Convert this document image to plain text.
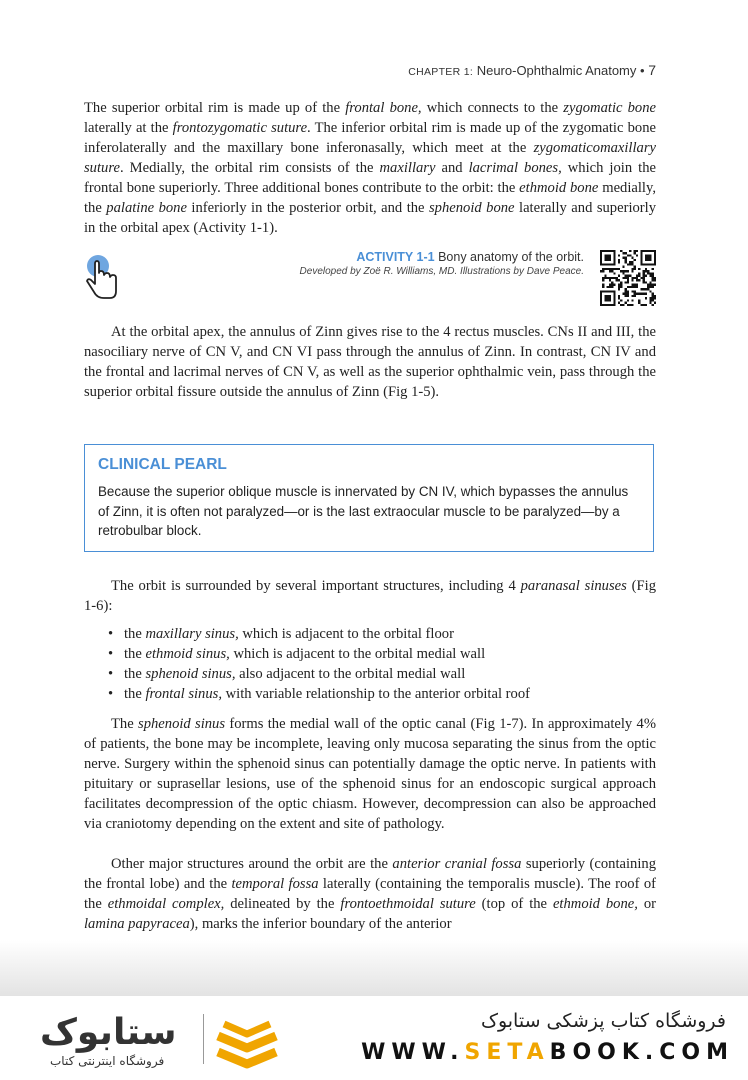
CHAPTER 1: Neuro-Ophthalmic Anatomy • 7

The superior orbital rim is made up of the frontal bone, which connects to the zygomatic bone laterally at the frontozygomatic suture. The inferior orbital rim is made up of the zygomatic bone inferolaterally and the maxillary bone inferonasally, which meet at the zygomaticomaxillary suture. Medially, the orbital rim consists of the maxillary and lacrimal bones, which join the frontal bone superiorly. Three additional bones contribute to the orbit: the ethmoid bone medially, the palatine bone inferiorly in the posterior orbit, and the sphenoid bone laterally and superiorly in the orbital apex (Activity 1-1).

ACTIVITY 1-1 Bony anatomy of the orbit.
Developed by Zoë R. Williams, MD. Illustrations by Dave Peace.

At the orbital apex, the annulus of Zinn gives rise to the 4 rectus muscles. CNs II and III, the nasociliary nerve of CN V, and CN VI pass through the annulus of Zinn. In contrast, CN IV and the frontal and lacrimal nerves of CN V, as well as the superior ophthalmic vein, pass through the superior orbital fissure outside the annulus of Zinn (Fig 1-5).

CLINICAL PEARL
Because the superior oblique muscle is innervated by CN IV, which bypasses the annulus of Zinn, it is often not paralyzed—or is the last extraocular muscle to be paralyzed—by a retrobulbar block.

The orbit is surrounded by several important structures, including 4 paranasal sinuses (Fig 1-6):

• the maxillary sinus, which is adjacent to the orbital floor
• the ethmoid sinus, which is adjacent to the orbital medial wall
• the sphenoid sinus, also adjacent to the orbital medial wall
• the frontal sinus, with variable relationship to the anterior orbital roof

The sphenoid sinus forms the medial wall of the optic canal (Fig 1-7). In approximately 4% of patients, the bone may be incomplete, leaving only mucosa separating the sinus from the optic nerve. Surgery within the sphenoid sinus can potentially damage the optic nerve. In patients with pituitary or suprasellar lesions, use of the sphenoid sinus for an endoscopic surgical approach facilitates decompression of the optic chiasm. However, decompression can also be approached via craniotomy depending on the extent and site of pathology.

Other major structures around the orbit are the anterior cranial fossa superiorly (containing the frontal lobe) and the temporal fossa laterally (containing the temporalis muscle). The roof of the ethmoidal complex, delineated by the frontoethmoidal suture (top of the ethmoid bone, or lamina papyracea), marks the inferior boundary of the anterior

ستابوک
فروشگاه اینترنتی کتاب
فروشگاه کتاب پزشکی ستابوک
WWW.SETABOOK.COM
